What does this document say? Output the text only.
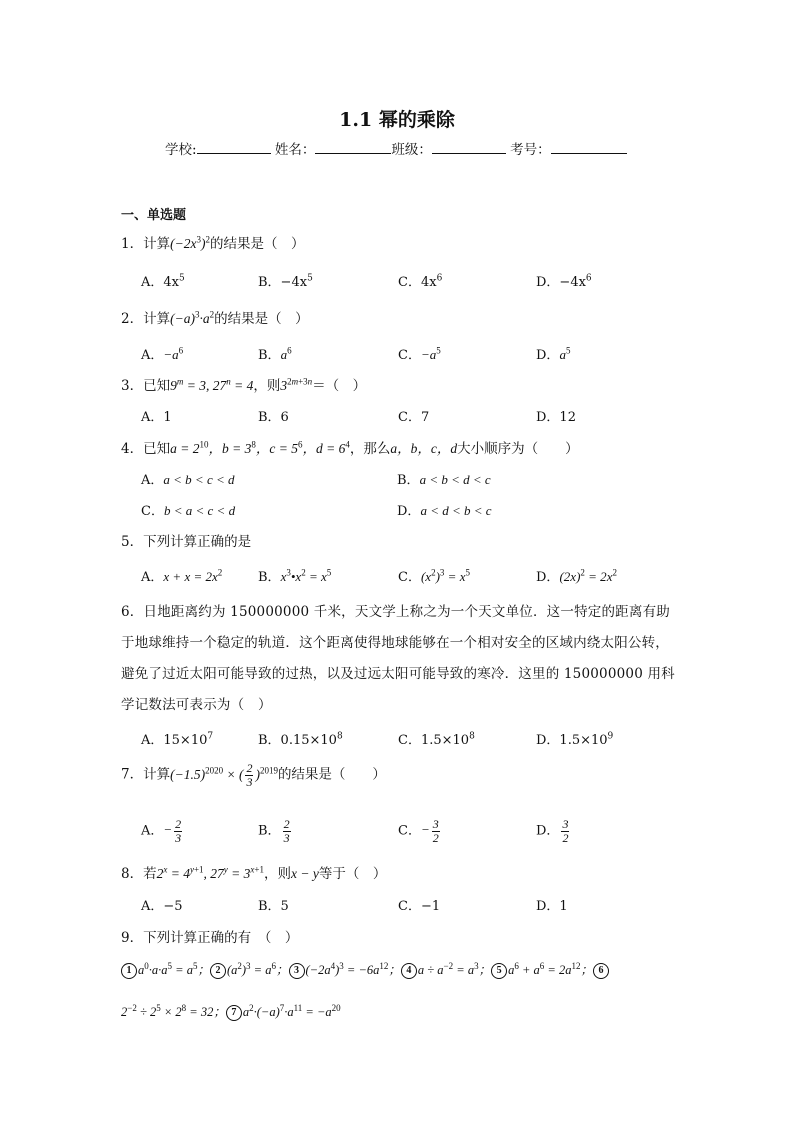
1.1 幂的乘除
学校:	姓名：	班级：	考号：
一、单选题
1．计算$(-2x^3)^2$的结果是（　）
A．$4x^5$	B．$-4x^5$	C．$4x^6$	D．$-4x^6$
2．计算$(-a)^3\cdot a^2$的结果是（　）
A．$-a^6$	B．$a^6$	C．$-a^5$	D．$a^5$
3．已知$9^m = 3$, $27^n = 4$，则$3^{2m+3n}=$（　）
A．1	B．6	C．7	D．12
4．已知$a = 2^{10}$，$b = 3^8$，$c = 5^6$，$d = 6^4$，那么a，b，c，d大小顺序为（　　）
A．a < b < c < d	B．a < b < d < c
C．b < a < c < d	D．a < d < b < c
5．下列计算正确的是
A．$x + x = 2x^2$	B．$x^3•x^2 = x^5$	C．$(x^2)^3 = x^5$	D．$(2x)^2 = 2x^2$
6．日地距离约为 150000000 千米，天文学上称之为一个天文单位．这一特定的距离有助于地球维持一个稳定的轨道．这个距离使得地球能够在一个相对安全的区域内绕太阳公转，避免了过近太阳可能导致的过热，以及过远太阳可能导致的寒冷．这里的 150000000 用科学记数法可表示为（　）
A．$15\times 10^7$	B．$0.15\times 10^8$	C．$1.5\times 10^8$	D．$1.5\times 10^9$
7．计算$(-1.5)^{2020}$ × ( $\frac{2}{3} )^{2019}$的结果是（　　）
A．− $\frac{2}{3}$	B． $\frac{2}{3}$	C．− $\frac{3}{2}$	D． $\frac{3}{2}$
8．若$2^x = 4^{y+1}$, $27^y = 3^{x+1}$，则x − y等于（　）
A．−5	B．5	C．−1	D．1
9．下列计算正确的有　（　）
1 $a^0\cdot a\cdot a^5 = a^5$； 2 $(a^2)^3 = a^6$； 3 $(-2a^4)^3 = -6a^{12}$； 4 $a \div a^{-2} = a^3$； 5 $a^6 + a^6 = 2a^{12}$； 6
$2^{-2} \div 2^5 \times 2^8 = 32$； 7 $a^2\cdot(-a)^7\cdot a^{11} = -a^{20}$
